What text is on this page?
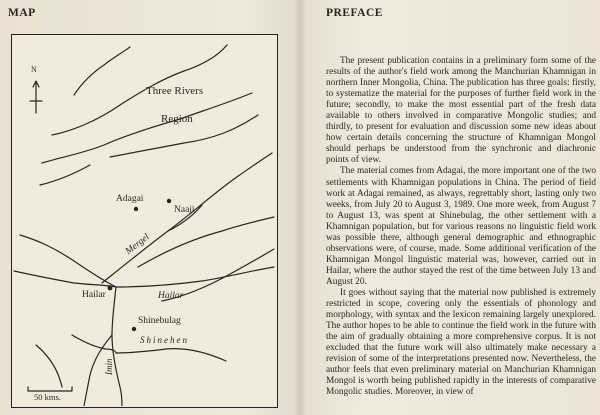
MAP
N
Three Rivers
Region
Adagai
Naaji
Mergel
Hailar	Hailar
Shinebulag
Shinehen
Imin
50 kms.
PREFACE

The present publication contains in a preliminary form some of the results of the author's field work among the Manchurian Khamnigan in northern Inner Mongolia, China. The publication has three goals: firstly, to systematize the material for the purposes of further field work in the future; secondly, to make the most essential part of the fresh data available to others involved in comparative Mongolic studies; and thirdly, to present for evaluation and discussion some new ideas about how certain details concerning the structure of Khamnigan Mongol should perhaps be understood from the synchronic and diachronic points of view.

The material comes from Adagai, the more important one of the two settlements with Khamnigan populations in China. The period of field work at Adagai remained, as always, regrettably short, lasting only two weeks, from July 20 to August 3, 1989. One more week, from August 7 to August 13, was spent at Shinebulag, the other settlement with a Khamnigan population, but for various reasons no linguistic field work was possible there, although general demographic and ethnographic observations were, of course, made. Some additional verification of the Khamnigan Mongol linguistic material was, however, carried out in Hailar, where the author stayed the rest of the time between July 13 and August 20.

It goes without saying that the material now published is extremely restricted in scope, covering only the essentials of phonology and morphology, with syntax and the lexicon remaining largely unexplored. The author hopes to be able to continue the field work in the future with the aim of gradually obtaining a more comprehensive corpus. It is not excluded that the future work will also ultimately make necessary a revision of some of the interpretations presented now. Nevertheless, the author feels that even preliminary material on Manchurian Khamnigan Mongol is worth being published rapidly in the interests of comparative Mongolic studies. Moreover, in view of
